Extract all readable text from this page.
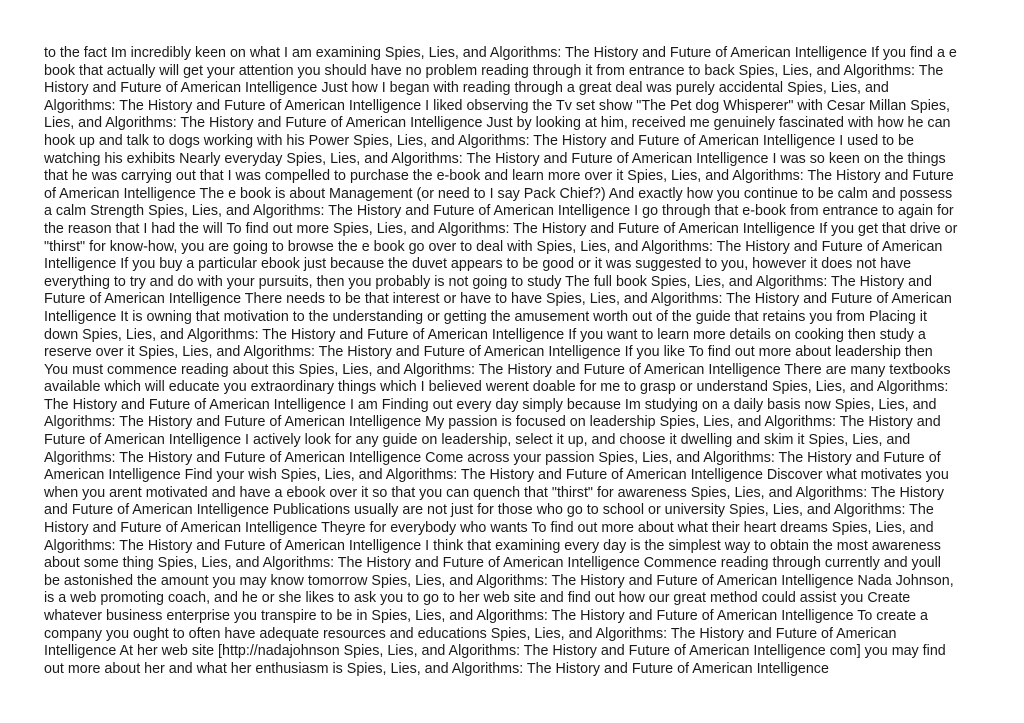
to the fact Im incredibly keen on what I am examining Spies, Lies, and Algorithms: The History and Future of American Intelligence If you find a e
book that actually will get your attention you should have no problem reading through it from entrance to back Spies, Lies, and Algorithms: The
History and Future of American Intelligence Just how I began with reading through a great deal was purely accidental Spies, Lies, and
Algorithms: The History and Future of American Intelligence I liked observing the Tv set show "The Pet dog Whisperer" with Cesar Millan Spies,
Lies, and Algorithms: The History and Future of American Intelligence Just by looking at him, received me genuinely fascinated with how he can
hook up and talk to dogs working with his Power Spies, Lies, and Algorithms: The History and Future of American Intelligence I used to be
watching his exhibits Nearly everyday Spies, Lies, and Algorithms: The History and Future of American Intelligence I was so keen on the things
that he was carrying out that I was compelled to purchase the e-book and learn more over it Spies, Lies, and Algorithms: The History and Future
of American Intelligence The e book is about Management (or need to I say Pack Chief?) And exactly how you continue to be calm and possess
a calm Strength Spies, Lies, and Algorithms: The History and Future of American Intelligence I go through that e-book from entrance to again for
the reason that I had the will To find out more Spies, Lies, and Algorithms: The History and Future of American Intelligence If you get that drive or
"thirst" for know-how, you are going to browse the e book go over to deal with Spies, Lies, and Algorithms: The History and Future of American
Intelligence If you buy a particular ebook just because the duvet appears to be good or it was suggested to you, however it does not have
everything to try and do with your pursuits, then you probably is not going to study The full book Spies, Lies, and Algorithms: The History and
Future of American Intelligence There needs to be that interest or have to have Spies, Lies, and Algorithms: The History and Future of American
Intelligence It is owning that motivation to the understanding or getting the amusement worth out of the guide that retains you from Placing it
down Spies, Lies, and Algorithms: The History and Future of American Intelligence If you want to learn more details on cooking then study a
reserve over it Spies, Lies, and Algorithms: The History and Future of American Intelligence If you like To find out more about leadership then
You must commence reading about this Spies, Lies, and Algorithms: The History and Future of American Intelligence There are many textbooks
available which will educate you extraordinary things which I believed werent doable for me to grasp or understand Spies, Lies, and Algorithms:
The History and Future of American Intelligence I am Finding out every day simply because Im studying on a daily basis now Spies, Lies, and
Algorithms: The History and Future of American Intelligence My passion is focused on leadership Spies, Lies, and Algorithms: The History and
Future of American Intelligence I actively look for any guide on leadership, select it up, and choose it dwelling and skim it Spies, Lies, and
Algorithms: The History and Future of American Intelligence Come across your passion Spies, Lies, and Algorithms: The History and Future of
American Intelligence Find your wish Spies, Lies, and Algorithms: The History and Future of American Intelligence Discover what motivates you
when you arent motivated and have a ebook over it so that you can quench that "thirst" for awareness Spies, Lies, and Algorithms: The History
and Future of American Intelligence Publications usually are not just for those who go to school or university Spies, Lies, and Algorithms: The
History and Future of American Intelligence Theyre for everybody who wants To find out more about what their heart dreams Spies, Lies, and
Algorithms: The History and Future of American Intelligence I think that examining every day is the simplest way to obtain the most awareness
about some thing Spies, Lies, and Algorithms: The History and Future of American Intelligence Commence reading through currently and youll
be astonished the amount you may know tomorrow Spies, Lies, and Algorithms: The History and Future of American Intelligence Nada Johnson,
is a web promoting coach, and he or she likes to ask you to go to her web site and find out how our great method could assist you Create
whatever business enterprise you transpire to be in Spies, Lies, and Algorithms: The History and Future of American Intelligence To create a
company you ought to often have adequate resources and educations Spies, Lies, and Algorithms: The History and Future of American
Intelligence At her web site [http://nadajohnson Spies, Lies, and Algorithms: The History and Future of American Intelligence com] you may find
out more about her and what her enthusiasm is Spies, Lies, and Algorithms: The History and Future of American Intelligence
